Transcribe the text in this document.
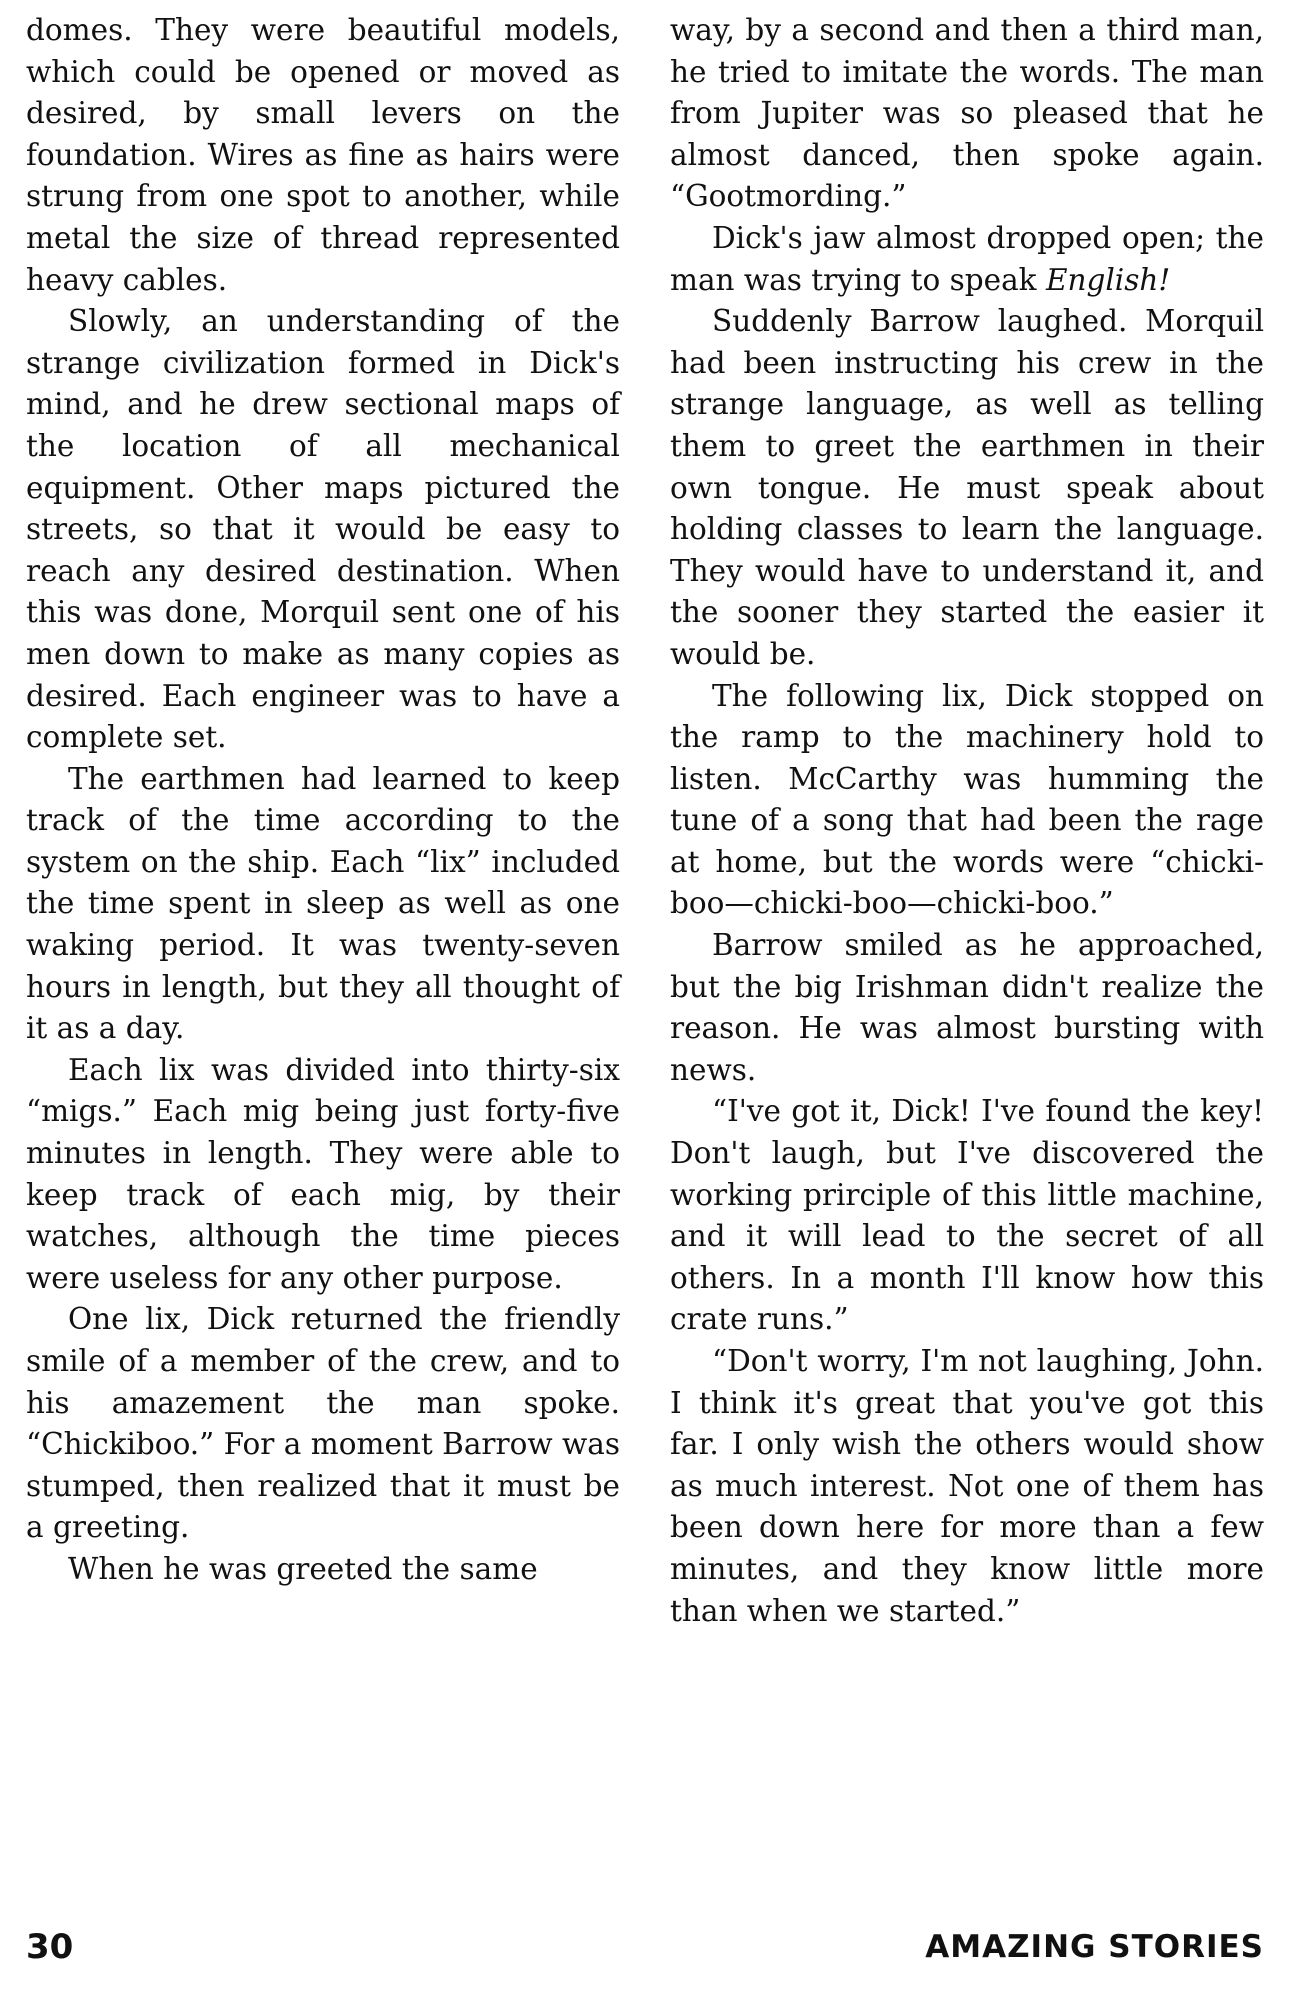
domes. They were beautiful models, which could be opened or moved as desired, by small levers on the foundation. Wires as fine as hairs were strung from one spot to another, while metal the size of thread represented heavy cables.

Slowly, an understanding of the strange civilization formed in Dick's mind, and he drew sectional maps of the location of all mechanical equipment. Other maps pictured the streets, so that it would be easy to reach any desired destination. When this was done, Morquil sent one of his men down to make as many copies as desired. Each engineer was to have a complete set.

The earthmen had learned to keep track of the time according to the system on the ship. Each “lix” included the time spent in sleep as well as one waking period. It was twenty-seven hours in length, but they all thought of it as a day.

Each lix was divided into thirty-six “migs.” Each mig being just forty-five minutes in length. They were able to keep track of each mig, by their watches, although the time pieces were useless for any other purpose.

One lix, Dick returned the friendly smile of a member of the crew, and to his amazement the man spoke. “Chickiboo.” For a moment Barrow was stumped, then realized that it must be a greeting.

When he was greeted the same

way, by a second and then a third man, he tried to imitate the words. The man from Jupiter was so pleased that he almost danced, then spoke again. “Gootmording.”

Dick's jaw almost dropped open; the man was trying to speak English!

Suddenly Barrow laughed. Morquil had been instructing his crew in the strange language, as well as telling them to greet the earthmen in their own tongue. He must speak about holding classes to learn the language. They would have to understand it, and the sooner they started the easier it would be.

The following lix, Dick stopped on the ramp to the machinery hold to listen. McCarthy was humming the tune of a song that had been the rage at home, but the words were “chicki-boo—chicki-boo—chicki-boo.”

Barrow smiled as he approached, but the big Irishman didn't realize the reason. He was almost bursting with news.

“I've got it, Dick! I've found the key! Don't laugh, but I've discovered the working prirciple of this little machine, and it will lead to the secret of all others. In a month I'll know how this crate runs.”

“Don't worry, I'm not laughing, John. I think it's great that you've got this far. I only wish the others would show as much interest. Not one of them has been down here for more than a few minutes, and they know little more than when we started.”

30	AMAZING STORIES
